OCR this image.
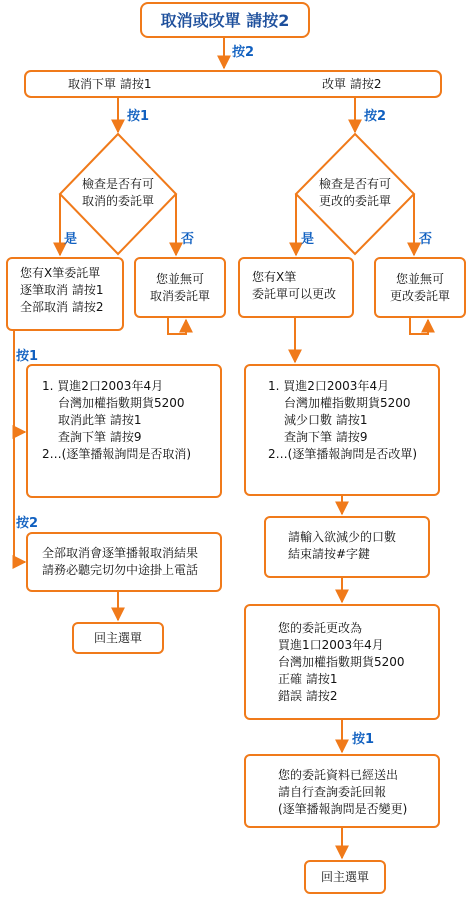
取消或改單 請按2
按2
取消下單 請按1	改單 請按2
按1
檢查是否有可
取消的委託單
是	否
您有X筆委託單
逐筆取消 請按1
全部取消 請按2
您並無可
取消委託單
按1
1. 買進2口2003年4月
台灣加權指數期貨5200
取消此筆 請按1
查詢下筆 請按9
2…(逐筆播報詢問是否取消)
按2
全部取消會逐筆播報取消結果
請務必聽完切勿中途掛上電話
回主選單
按2
檢查是否有可
更改的委託單
是	否
您有X筆
委託單可以更改
您並無可
更改委託單
1. 買進2口2003年4月
台灣加權指數期貨5200
減少口數 請按1
查詢下筆 請按9
2…(逐筆播報詢問是否改單)
請輸入欲減少的口數
結束請按#字鍵
您的委託更改為
買進1口2003年4月
台灣加權指數期貨5200
正確 請按1
錯誤 請按2
按1
您的委託資料已經送出
請自行查詢委託回報
(逐筆播報詢問是否變更)
回主選單
